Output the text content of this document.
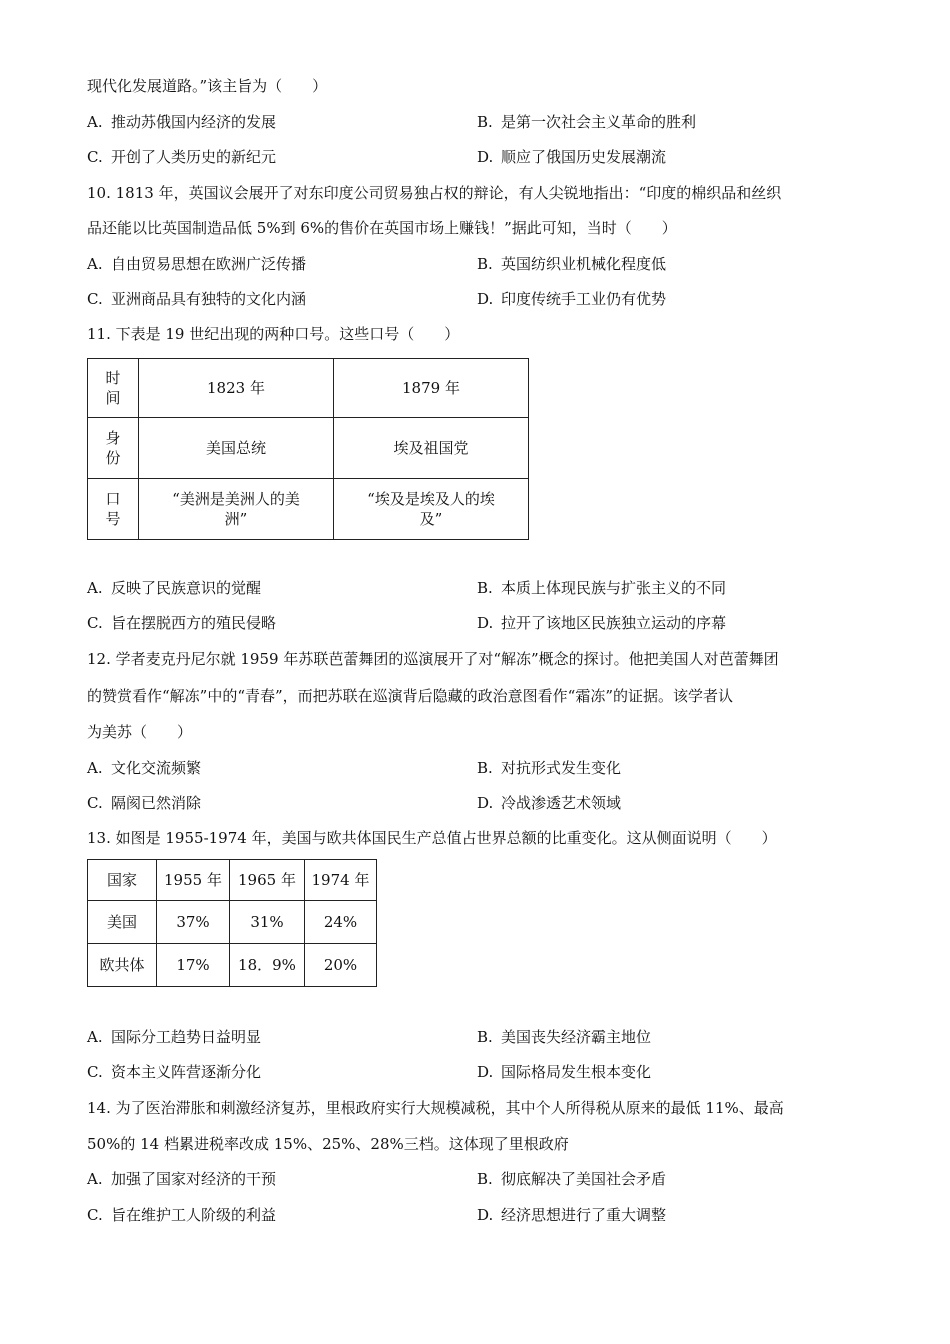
现代化发展道路。”该主旨为（　　）
A. 推动苏俄国内经济的发展	B. 是第一次社会主义革命的胜利
C. 开创了人类历史的新纪元	D. 顺应了俄国历史发展潮流
10. 1813 年，英国议会展开了对东印度公司贸易独占权的辩论，有人尖锐地指出：“印度的棉织品和丝织
品还能以比英国制造品低 5%到 6%的售价在英国市场上赚钱！”据此可知，当时（　　）
A. 自由贸易思想在欧洲广泛传播	B. 英国纺织业机械化程度低
C. 亚洲商品具有独特的文化内涵	D. 印度传统手工业仍有优势
11. 下表是 19 世纪出现的两种口号。这些口号（　　）
时间	1823 年	1879 年
身份	美国总统	埃及祖国党
口号	“美洲是美洲人的美洲”	“埃及是埃及人的埃及”
A. 反映了民族意识的觉醒	B. 本质上体现民族与扩张主义的不同
C. 旨在摆脱西方的殖民侵略	D. 拉开了该地区民族独立运动的序幕
12. 学者麦克丹尼尔就 1959 年苏联芭蕾舞团的巡演展开了对“解冻”概念的探讨。他把美国人对芭蕾舞团
的赞赏看作“解冻”中的“青春”，而把苏联在巡演背后隐藏的政治意图看作“霜冻”的证据。该学者认
为美苏（　　）
A. 文化交流频繁	B. 对抗形式发生变化
C. 隔阂已然消除	D. 冷战渗透艺术领域
13. 如图是 1955-1974 年，美国与欧共体国民生产总值占世界总额的比重变化。这从侧面说明（　　）
国家	1955 年	1965 年	1974 年
美国	37%	31%	24%
欧共体	17%	18．9%	20%
A. 国际分工趋势日益明显	B. 美国丧失经济霸主地位
C. 资本主义阵营逐渐分化	D. 国际格局发生根本变化
14. 为了医治滞胀和刺激经济复苏，里根政府实行大规模减税，其中个人所得税从原来的最低 11%、最高
50%的 14 档累进税率改成 15%、25%、28%三档。这体现了里根政府
A. 加强了国家对经济的干预	B. 彻底解决了美国社会矛盾
C. 旨在维护工人阶级的利益	D. 经济思想进行了重大调整
